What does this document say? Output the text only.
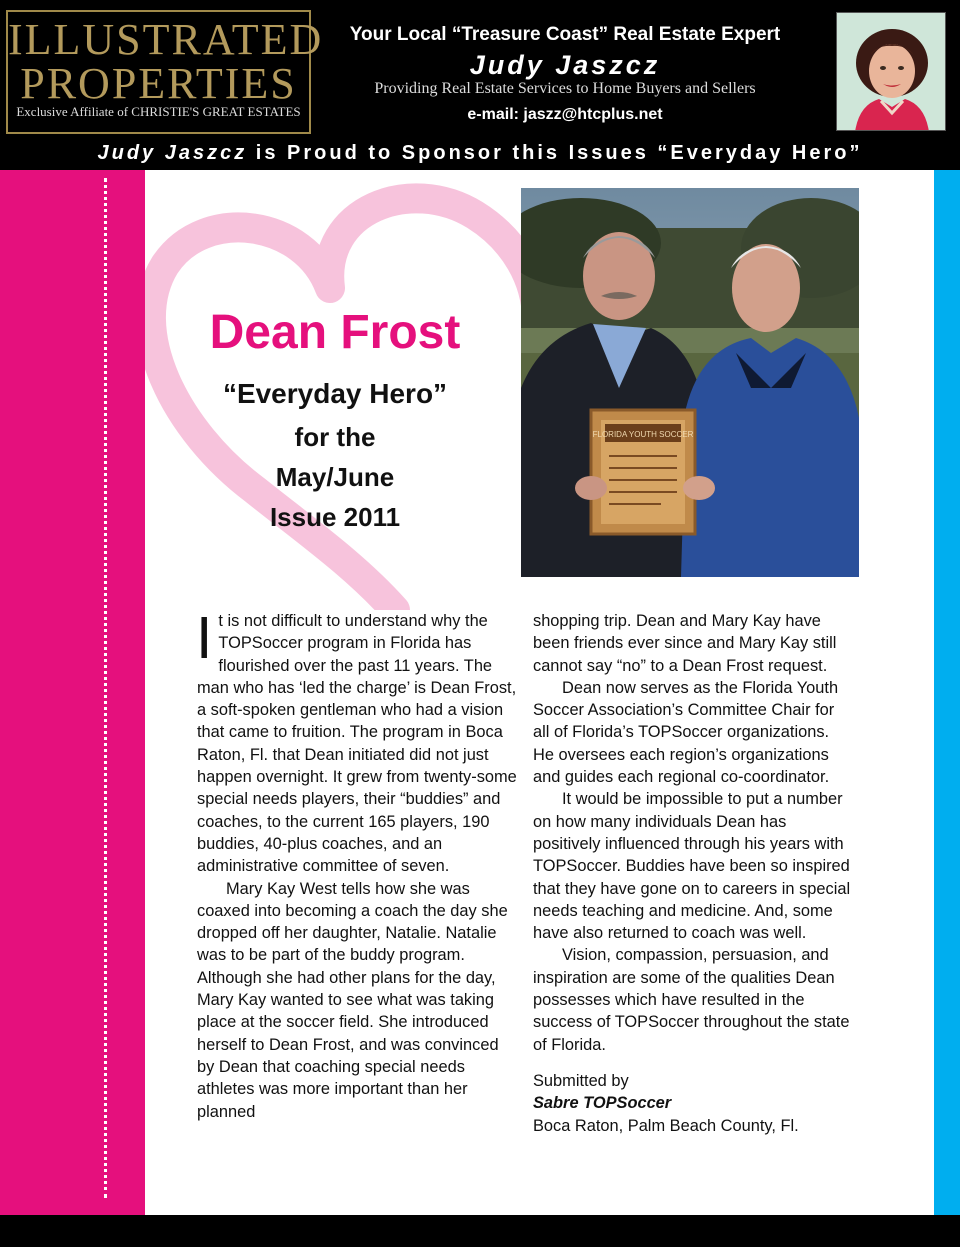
ILLUSTRATED
PROPERTIES
Exclusive Affiliate of CHRISTIE'S GREAT ESTATES
Your Local “Treasure Coast” Real Estate Expert
Judy Jaszcz
Providing Real Estate Services to Home Buyers and Sellers
e-mail: jaszz@htcplus.net
Judy Jaszcz is Proud to Sponsor this Issues “Everyday Hero”
Dean Frost
“Everyday Hero”
for the
May/June
Issue 2011
FLORIDA YOUTH SOCCER

It is not difficult to understand why the TOPSoccer program in Florida has flourished over the past 11 years. The man who has ‘led the charge’ is Dean Frost, a soft-spoken gentleman who had a vision that came to fruition. The program in Boca Raton, Fl. that Dean initiated did not just happen overnight. It grew from twenty-some special needs players, their “buddies” and coaches, to the current 165 players, 190 buddies, 40-plus coaches, and an administrative committee of seven.

Mary Kay West tells how she was coaxed into becoming a coach the day she dropped off her daughter, Natalie. Natalie was to be part of the buddy program. Although she had other plans for the day, Mary Kay wanted to see what was taking place at the soccer field. She introduced herself to Dean Frost, and was convinced by Dean that coaching special needs athletes was more important than her planned

shopping trip. Dean and Mary Kay have been friends ever since and Mary Kay still cannot say “no” to a Dean Frost request.

Dean now serves as the Florida Youth Soccer Association’s Committee Chair for all of Florida’s TOPSoccer organizations. He oversees each region’s organizations and guides each regional co-coordinator.

It would be impossible to put a number on how many individuals Dean has positively influenced through his years with TOPSoccer. Buddies have been so inspired that they have gone on to careers in special needs teaching and medicine. And, some have also returned to coach was well.

Vision, compassion, persuasion, and inspiration are some of the qualities Dean possesses which have resulted in the success of TOPSoccer throughout the state of Florida.

Submitted by

Sabre TOPSoccer

Boca Raton, Palm Beach County, Fl.
